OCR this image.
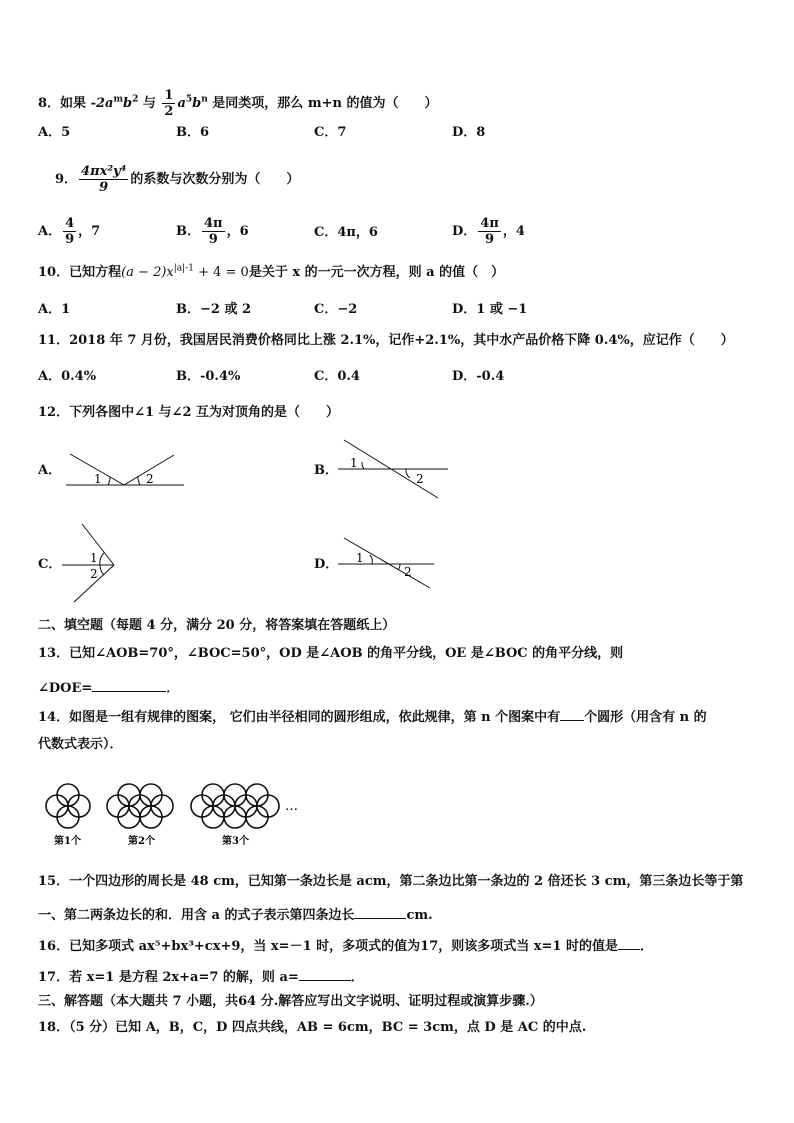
8．如果 $-2a^mb^2$ 与 $\frac{1}{2} a^5b^n$ 是同类项，那么 m+n 的值为（　　）
A．5	B．6	C．7	D．8
9． $\frac{\text{4πx²y⁴}}{9}$ 的系数与次数分别为（　　）
A． $\frac{4}{9}$ ，7	B． $\frac{4\pi}{9}$ ，6	C．4π，6	D． $\frac{4\pi}{9}$ ，4
10．已知方程$(a - 2)x^{|a|-1} + 4 = 0$是关于 x 的一元一次方程，则 a 的值（　）
A．1	B．−2 或 2	C．−2	D．1 或 −1
11．2018 年 7 月份，我国居民消费价格同比上涨 2.1%，记作+2.1%，其中水产品价格下降 0.4%，应记作（　　）
A．0.4%	B．-0.4%	C．0.4	D．-0.4
12．下列各图中∠1 与∠2 互为对顶角的是（　　）
A．
1	2
B． 1
2
C． 1
2
D． 1
2
二、填空题（每题 4 分，满分 20 分，将答案填在答题纸上）
13．已知∠AOB=70°，∠BOC=50°，OD 是∠AOB 的角平分线，OE 是∠BOC 的角平分线，则
∠DOE=	．
14．如图是一组有规律的图案， 它们由半径相同的圆形组成，依此规律，第 n 个图案中有 个圆形（用含有 n 的
代数式表示）．
…
第1个	第2个	第3个
15．一个四边形的周长是 48 cm，已知第一条边长是 acm，第二条边比第一条边的 2 倍还长 3 cm，第三条边长等于第
一、第二两条边长的和．用含 a 的式子表示第四条边长	cm.
16．已知多项式 ax⁵+bx³+cx+9，当 x=－1 时，多项式的值为17，则该多项式当 x=1 时的值是 ．
17．若 x=1 是方程 2x+a=7 的解，则 a=	．
三、解答题（本大题共 7 小题，共64 分.解答应写出文字说明、证明过程或演算步骤.）
18．（5 分）已知 A，B，C，D 四点共线，AB = 6cm，BC = 3cm，点 D 是 AC 的中点.
